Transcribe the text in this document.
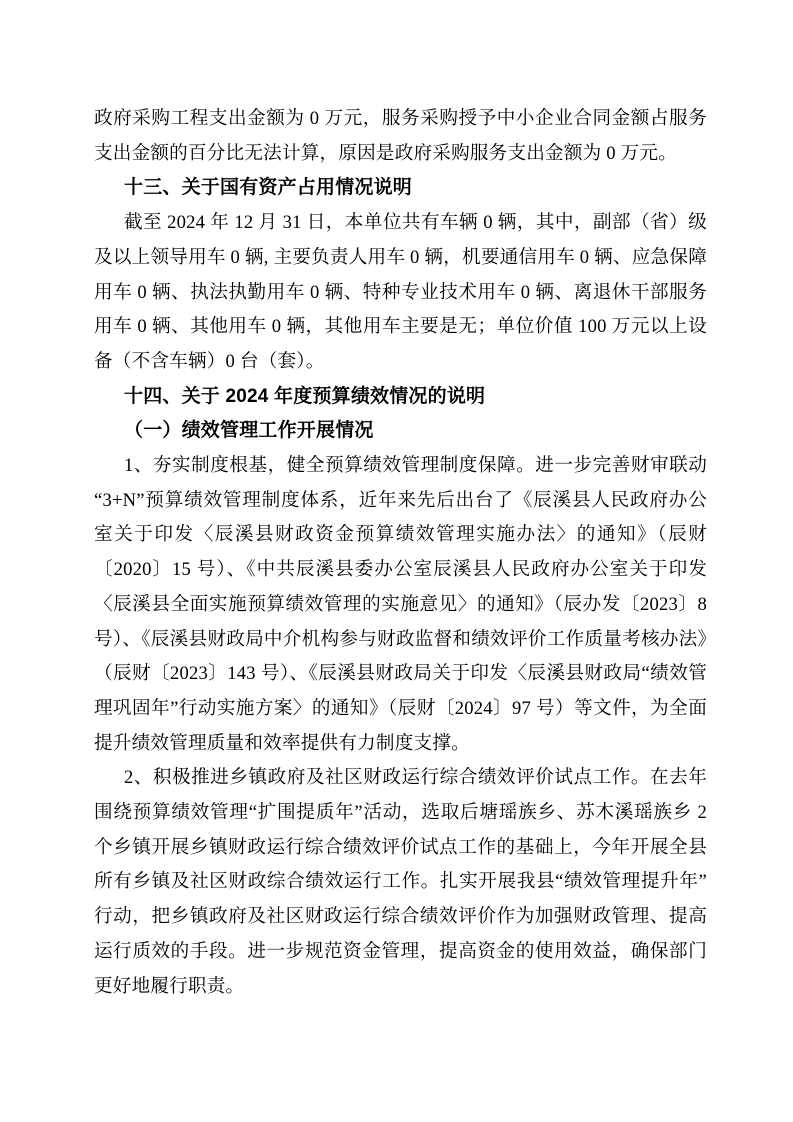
政府采购工程支出金额为 0 万元，服务采购授予中小企业合同金额占服务支出金额的百分比无法计算，原因是政府采购服务支出金额为 0 万元。

十三、关于国有资产占用情况说明

截至 2024 年 12 月 31 日，本单位共有车辆 0 辆，其中，副部（省）级及以上领导用车 0 辆, 主要负责人用车 0 辆，机要通信用车 0 辆、应急保障用车 0 辆、执法执勤用车 0 辆、特种专业技术用车 0 辆、离退休干部服务用车 0 辆、其他用车 0 辆，其他用车主要是无；单位价值 100 万元以上设备（不含车辆）0 台（套）。

十四、关于 2024 年度预算绩效情况的说明
（一）绩效管理工作开展情况

1、夯实制度根基，健全预算绩效管理制度保障。进一步完善财审联动“3+N”预算绩效管理制度体系，近年来先后出台了《辰溪县人民政府办公室关于印发〈辰溪县财政资金预算绩效管理实施办法〉的通知》（辰财〔2020〕15 号）、《中共辰溪县委办公室辰溪县人民政府办公室关于印发〈辰溪县全面实施预算绩效管理的实施意见〉的通知》（辰办发〔2023〕8 号）、《辰溪县财政局中介机构参与财政监督和绩效评价工作质量考核办法》（辰财〔2023〕143 号）、《辰溪县财政局关于印发〈辰溪县财政局“绩效管理巩固年”行动实施方案〉的通知》（辰财〔2024〕97 号）等文件，为全面提升绩效管理质量和效率提供有力制度支撑。

2、积极推进乡镇政府及社区财政运行综合绩效评价试点工作。在去年围绕预算绩效管理“扩围提质年”活动，选取后塘瑶族乡、苏木溪瑶族乡 2 个乡镇开展乡镇财政运行综合绩效评价试点工作的基础上，今年开展全县所有乡镇及社区财政综合绩效运行工作。扎实开展我县“绩效管理提升年”行动，把乡镇政府及社区财政运行综合绩效评价作为加强财政管理、提高运行质效的手段。进一步规范资金管理，提高资金的使用效益，确保部门更好地履行职责。
